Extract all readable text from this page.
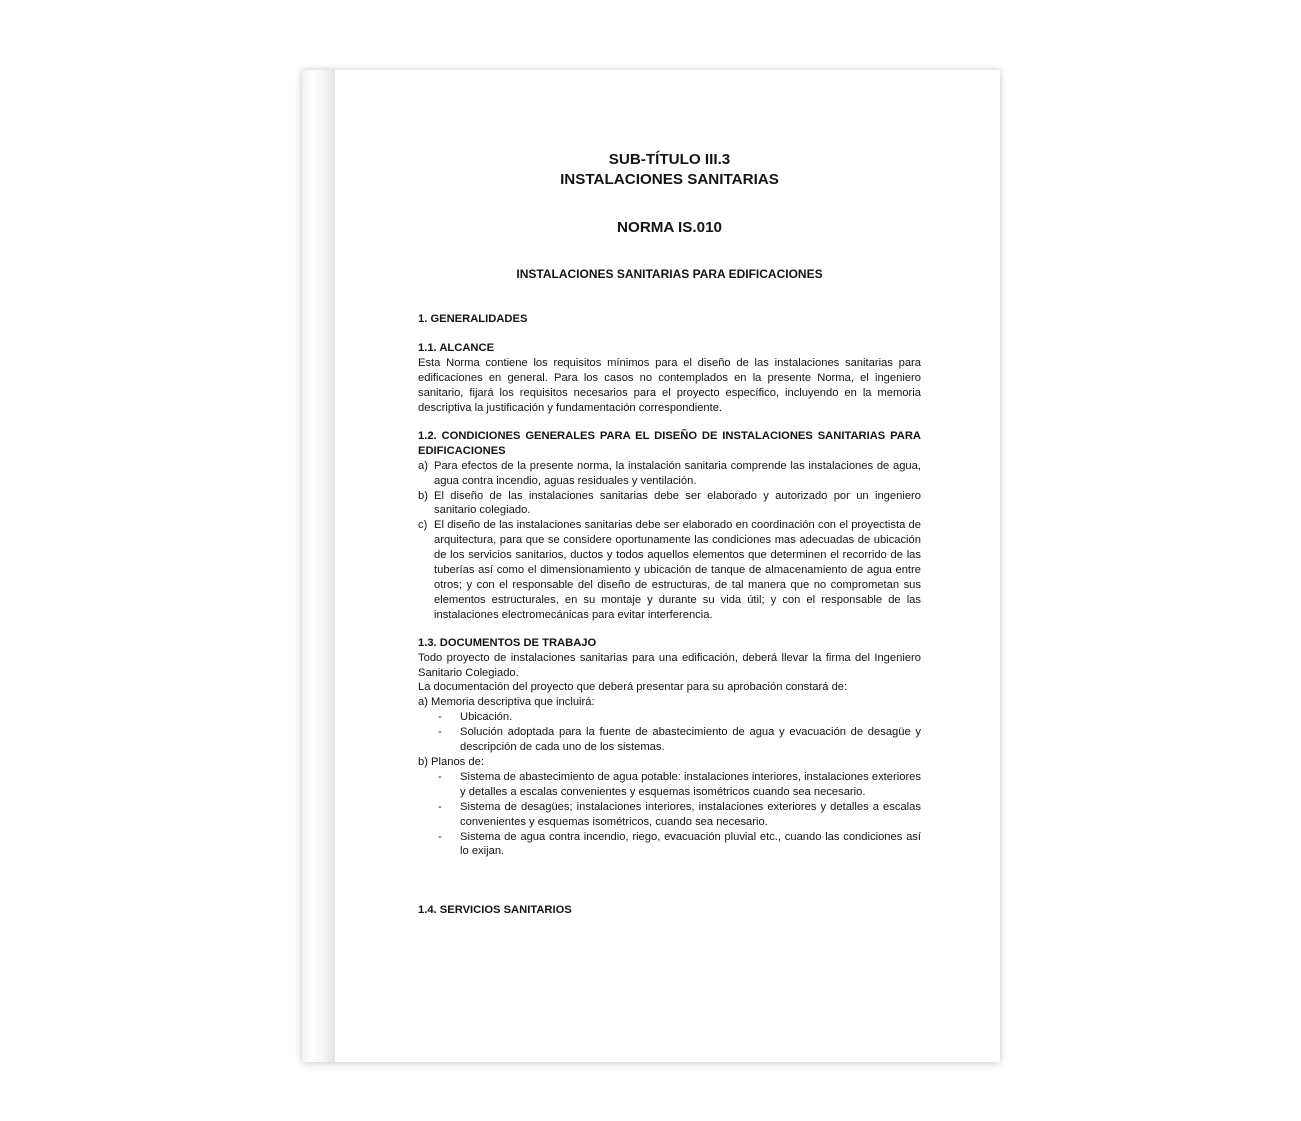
SUB-TÍTULO III.3
INSTALACIONES SANITARIAS
NORMA IS.010
INSTALACIONES SANITARIAS PARA EDIFICACIONES
1. GENERALIDADES
1.1. ALCANCE

Esta Norma contiene los requisitos mínimos para el diseño de las instalaciones sanitarias para edificaciones en general. Para los casos no contemplados en la presente Norma, el ingeniero sanitario, fijará los requisitos necesarios para el proyecto específico, incluyendo en la memoria descriptiva la justificación y fundamentación correspondiente.

1.2. CONDICIONES GENERALES PARA EL DISEÑO DE INSTALACIONES SANITARIAS PARA EDIFICACIONES
a) Para efectos de la presente norma, la instalación sanitaria comprende las instalaciones de agua, agua contra incendio, aguas residuales y ventilación.
b) El diseño de las instalaciones sanitarias debe ser elaborado y autorizado por un ingeniero sanitario colegiado.
c) El diseño de las instalaciones sanitarias debe ser elaborado en coordinación con el proyectista de arquitectura, para que se considere oportunamente las condiciones mas adecuadas de ubicación de los servicios sanitarios, ductos y todos aquellos elementos que determinen el recorrido de las tuberías así como el dimensionamiento y ubicación de tanque de almacenamiento de agua entre otros; y con el responsable del diseño de estructuras, de tal manera que no comprometan sus elementos estructurales, en su montaje y durante su vida útil; y con el responsable de las instalaciones electromecánicas para evitar interferencia.
1.3. DOCUMENTOS DE TRABAJO

Todo proyecto de instalaciones sanitarias para una edificación, deberá llevar la firma del Ingeniero Sanitario Colegiado.

La documentación del proyecto que deberá presentar para su aprobación constará de:

a) Memoria descriptiva que incluirá:

-	Ubicación.
-	Solución adoptada para la fuente de abastecimiento de agua y evacuación de desagüe y descripción de cada uno de los sistemas.

b) Planos de:

-	Sistema de abastecimiento de agua potable: instalaciones interiores, instalaciones exteriores y detalles a escalas convenientes y esquemas isométricos cuando sea necesario.
-	Sistema de desagües; instalaciones interiores, instalaciones exteriores y detalles a escalas convenientes y esquemas isométricos, cuando sea necesario.
-	Sistema de agua contra incendio, riego, evacuación pluvial etc., cuando las condiciones así lo exijan.
1.4. SERVICIOS SANITARIOS
